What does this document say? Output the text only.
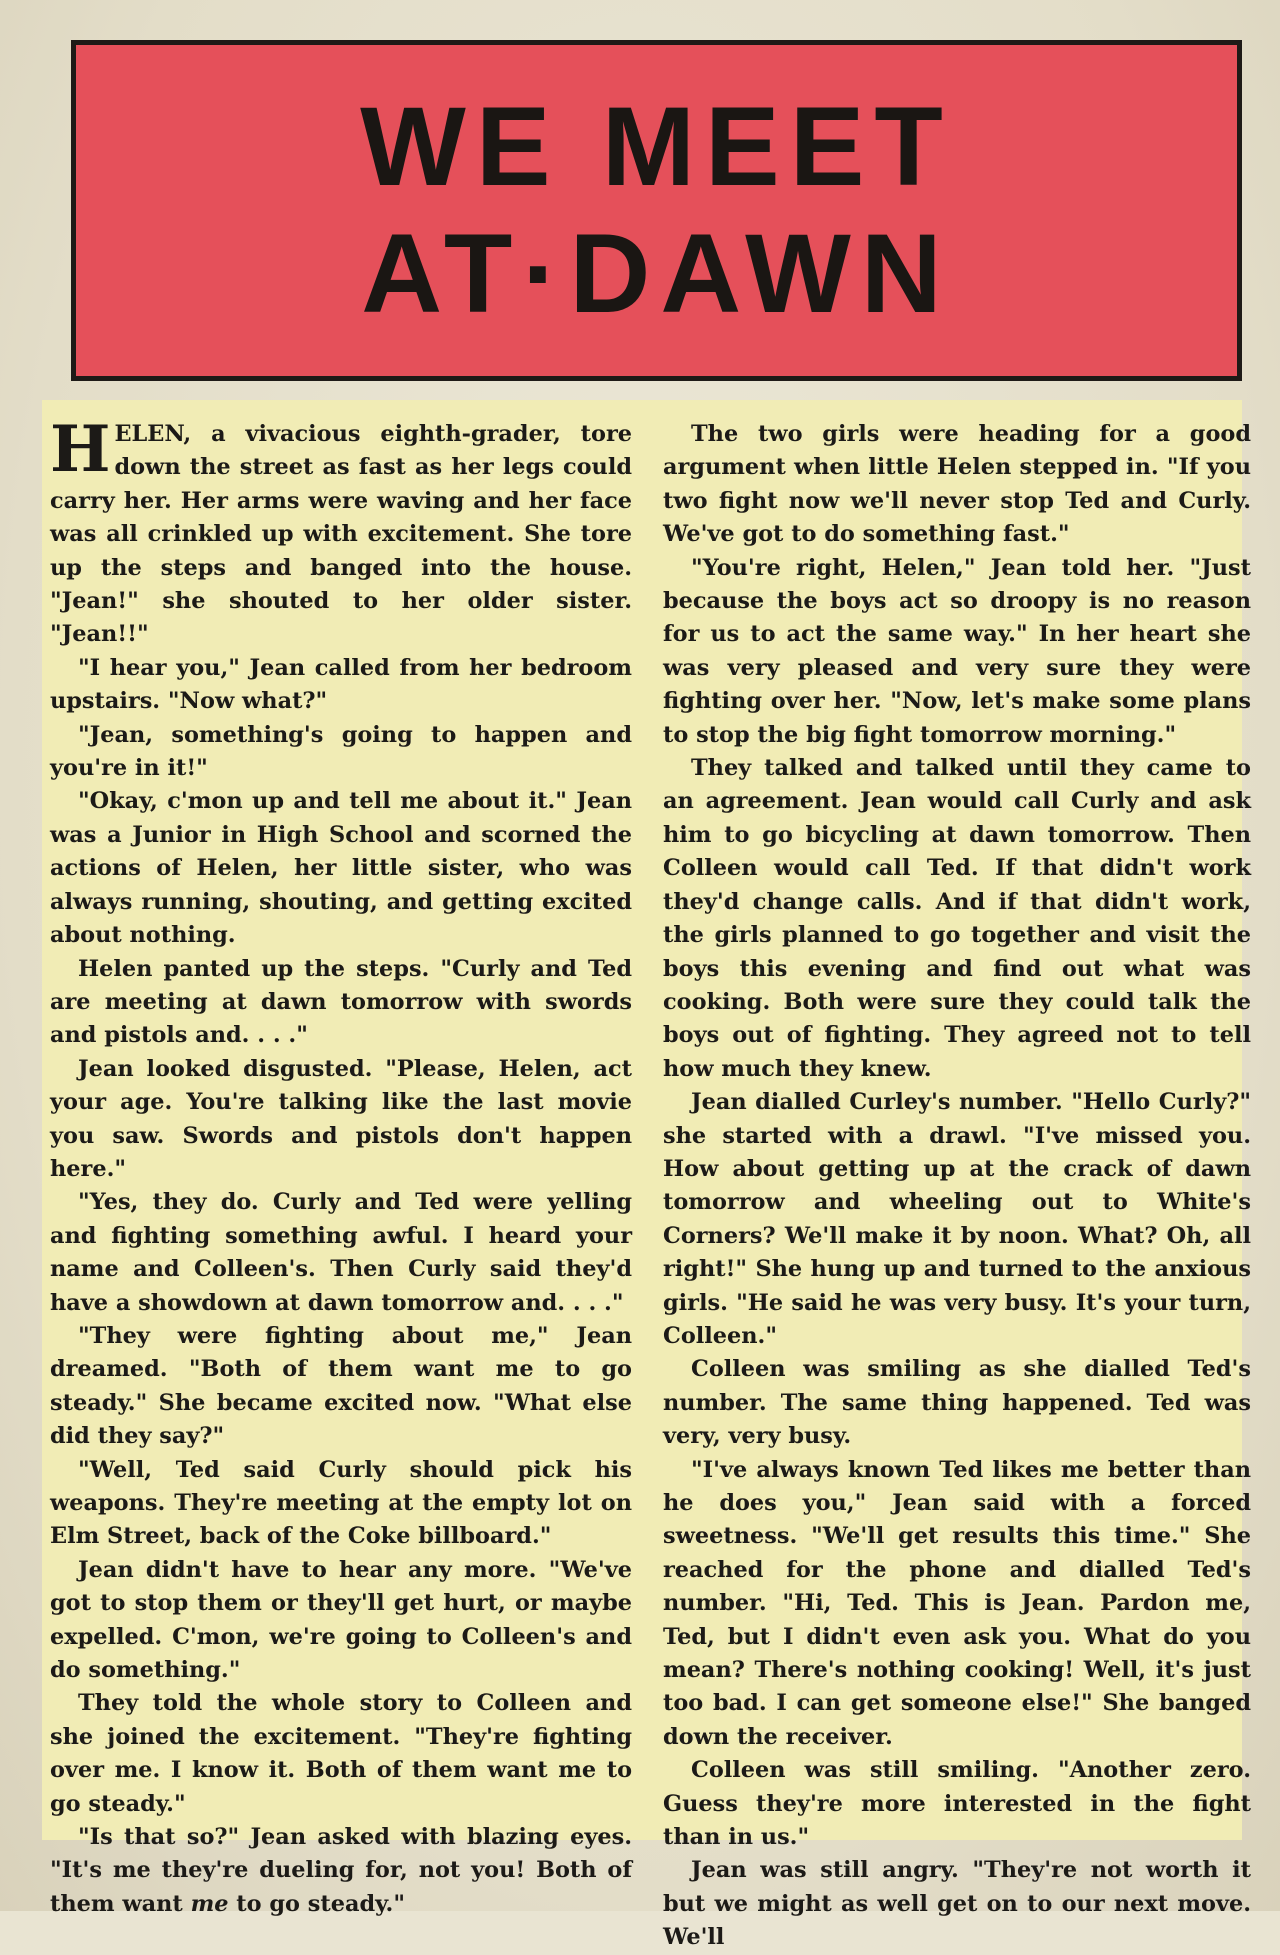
WE MEET
AT·DAWN

HELEN, a vivacious eighth-grader, tore down the street as fast as her legs could carry her. Her arms were waving and her face was all crinkled up with excitement. She tore up the steps and banged into the house. "Jean!" she shouted to her older sister. "Jean!!"

"I hear you," Jean called from her bedroom upstairs. "Now what?"

"Jean, something's going to happen and you're in it!"

"Okay, c'mon up and tell me about it." Jean was a Junior in High School and scorned the actions of Helen, her little sister, who was always running, shouting, and getting excited about nothing.

Helen panted up the steps. "Curly and Ted are meeting at dawn tomorrow with swords and pistols and. . . ."

Jean looked disgusted. "Please, Helen, act your age. You're talking like the last movie you saw. Swords and pistols don't happen here."

"Yes, they do. Curly and Ted were yelling and fighting something awful. I heard your name and Colleen's. Then Curly said they'd have a showdown at dawn tomorrow and. . . ."

"They were fighting about me," Jean dreamed. "Both of them want me to go steady." She became excited now. "What else did they say?"

"Well, Ted said Curly should pick his weapons. They're meeting at the empty lot on Elm Street, back of the Coke billboard."

Jean didn't have to hear any more. "We've got to stop them or they'll get hurt, or maybe expelled. C'mon, we're going to Colleen's and do something."

They told the whole story to Colleen and she joined the excitement. "They're fighting over me. I know it. Both of them want me to go steady."

"Is that so?" Jean asked with blazing eyes. "It's me they're dueling for, not you! Both of them want me to go steady."

The two girls were heading for a good argument when little Helen stepped in. "If you two fight now we'll never stop Ted and Curly. We've got to do something fast."

"You're right, Helen," Jean told her. "Just because the boys act so droopy is no reason for us to act the same way." In her heart she was very pleased and very sure they were fighting over her. "Now, let's make some plans to stop the big fight tomorrow morning."

They talked and talked until they came to an agreement. Jean would call Curly and ask him to go bicycling at dawn tomorrow. Then Colleen would call Ted. If that didn't work they'd change calls. And if that didn't work, the girls planned to go together and visit the boys this evening and find out what was cooking. Both were sure they could talk the boys out of fighting. They agreed not to tell how much they knew.

Jean dialled Curley's number. "Hello Curly?" she started with a drawl. "I've missed you. How about getting up at the crack of dawn tomorrow and wheeling out to White's Corners? We'll make it by noon. What? Oh, all right!" She hung up and turned to the anxious girls. "He said he was very busy. It's your turn, Colleen."

Colleen was smiling as she dialled Ted's number. The same thing happened. Ted was very, very busy.

"I've always known Ted likes me better than he does you," Jean said with a forced sweetness. "We'll get results this time." She reached for the phone and dialled Ted's number. "Hi, Ted. This is Jean. Pardon me, Ted, but I didn't even ask you. What do you mean? There's nothing cooking! Well, it's just too bad. I can get someone else!" She banged down the receiver.

Colleen was still smiling. "Another zero. Guess they're more interested in the fight than in us."

Jean was still angry. "They're not worth it but we might as well get on to our next move. We'll
